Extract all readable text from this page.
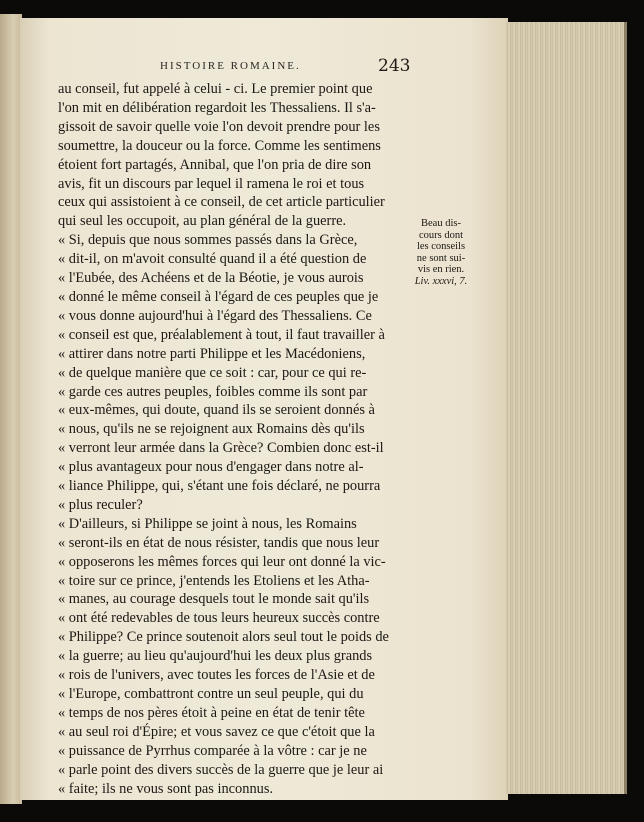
HISTOIRE ROMAINE.	243
au conseil, fut appelé à celui - ci. Le premier point que
l'on mit en délibération regardoit les Thessaliens. Il s'a-
gissoit de savoir quelle voie l'on devoit prendre pour les
soumettre, la douceur ou la force. Comme les sentimens
étoient fort partagés, Annibal, que l'on pria de dire son
avis, fit un discours par lequel il ramena le roi et tous
ceux qui assistoient à ce conseil, de cet article particulier
qui seul les occupoit, au plan général de la guerre.
« Si, depuis que nous sommes passés dans la Grèce,
« dit-il, on m'avoit consulté quand il a été question de
« l'Eubée, des Achéens et de la Béotie, je vous aurois
« donné le même conseil à l'égard de ces peuples que je
« vous donne aujourd'hui à l'égard des Thessaliens. Ce
« conseil est que, préalablement à tout, il faut travailler à
« attirer dans notre parti Philippe et les Macédoniens,
« de quelque manière que ce soit : car, pour ce qui re-
« garde ces autres peuples, foibles comme ils sont par
« eux-mêmes, qui doute, quand ils se seroient donnés à
« nous, qu'ils ne se rejoignent aux Romains dès qu'ils
« verront leur armée dans la Grèce? Combien donc est-il
« plus avantageux pour nous d'engager dans notre al-
« liance Philippe, qui, s'étant une fois déclaré, ne pourra
« plus reculer?
« D'ailleurs, si Philippe se joint à nous, les Romains
« seront-ils en état de nous résister, tandis que nous leur
« opposerons les mêmes forces qui leur ont donné la vic-
« toire sur ce prince, j'entends les Etoliens et les Atha-
« manes, au courage desquels tout le monde sait qu'ils
« ont été redevables de tous leurs heureux succès contre
« Philippe? Ce prince soutenoit alors seul tout le poids de
« la guerre; au lieu qu'aujourd'hui les deux plus grands
« rois de l'univers, avec toutes les forces de l'Asie et de
« l'Europe, combattront contre un seul peuple, qui du
« temps de nos pères étoit à peine en état de tenir tête
« au seul roi d'Épire; et vous savez ce que c'étoit que la
« puissance de Pyrrhus comparée à la vôtre : car je ne
« parle point des divers succès de la guerre que je leur ai
« faite; ils ne vous sont pas inconnus.
Beau dis-
cours dont
les conseils
ne sont sui-
vis en rien.
Liv. xxxvi, 7.
